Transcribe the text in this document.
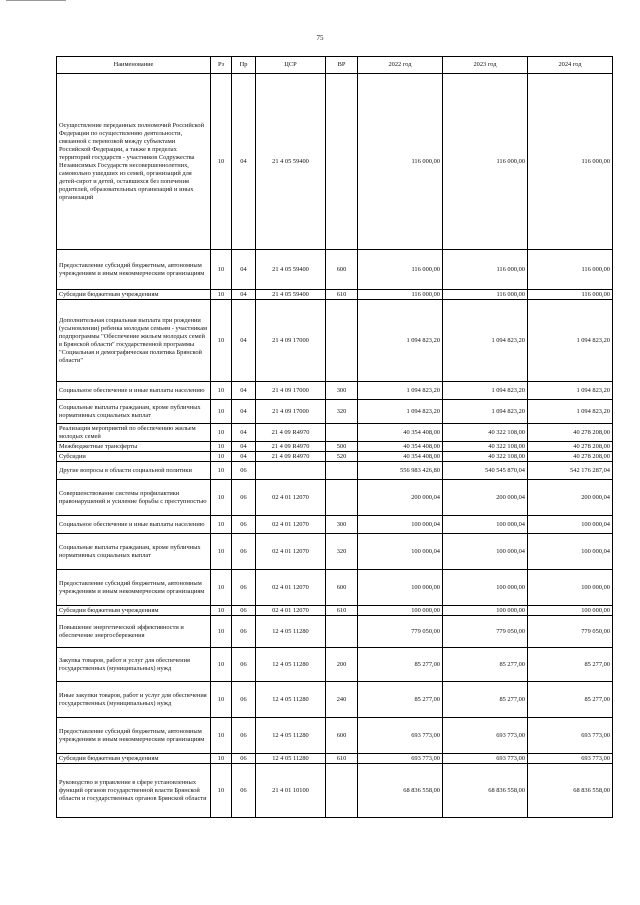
75
Наименование	Рз	Пр	ЦСР	ВР	2022 год	2023 год	2024 год
Осуществление переданных полномочий Российской Федерации по осуществлению деятельности, связанной с перевозкой между субъектами Российской Федерации, а также в пределах территорий государств - участников Содружества Независимых Государств несовершеннолетних, самовольно ушедших из семей, организаций для детей-сирот и детей, оставшихся без попечения родителей, образовательных организаций и иных организаций	10	04	21 4 05 59400		116 000,00	116 000,00	116 000,00
Предоставление субсидий бюджетным, автономным учреждениям и иным некоммерческим организациям	10	04	21 4 05 59400	600	116 000,00	116 000,00	116 000,00
Субсидии бюджетным учреждениям	10	04	21 4 05 59400	610	116 000,00	116 000,00	116 000,00
Дополнительная социальная выплата при рождении (усыновлении) ребенка молодым семьям - участникам подпрограммы "Обеспечение жильем молодых семей в Брянской области" государственной программы "Социальная и демографическая политика Брянской области"	10	04	21 4 09 17000		1 094 823,20	1 094 823,20	1 094 823,20
Социальное обеспечение и иные выплаты населению	10	04	21 4 09 17000	300	1 094 823,20	1 094 823,20	1 094 823,20
Социальные выплаты гражданам, кроме публичных нормативных социальных выплат	10	04	21 4 09 17000	320	1 094 823,20	1 094 823,20	1 094 823,20
Реализация мероприятий по обеспечению жильем молодых семей	10	04	21 4 09 R4970		40 354 408,00	40 322 108,00	40 278 208,00
Межбюджетные трансферты	10	04	21 4 09 R4970	500	40 354 408,00	40 322 108,00	40 278 208,00
Субсидии	10	04	21 4 09 R4970	520	40 354 408,00	40 322 108,00	40 278 208,00
Другие вопросы в области социальной политики	10	06			556 983 426,80	540 545 870,04	542 176 287,04
Совершенствование системы профилактики правонарушений и усиление борьбы с преступностью	10	06	02 4 01 12070		200 000,04	200 000,04	200 000,04
Социальное обеспечение и иные выплаты населению	10	06	02 4 01 12070	300	100 000,04	100 000,04	100 000,04
Социальные выплаты гражданам, кроме публичных нормативных социальных выплат	10	06	02 4 01 12070	320	100 000,04	100 000,04	100 000,04
Предоставление субсидий бюджетным, автономным учреждениям и иным некоммерческим организациям	10	06	02 4 01 12070	600	100 000,00	100 000,00	100 000,00
Субсидии бюджетным учреждениям	10	06	02 4 01 12070	610	100 000,00	100 000,00	100 000,00
Повышение энергетической эффективности и обеспечение энергосбережения	10	06	12 4 05 11280		779 050,00	779 050,00	779 050,00
Закупка товаров, работ и услуг для обеспечения государственных (муниципальных) нужд	10	06	12 4 05 11280	200	85 277,00	85 277,00	85 277,00
Иные закупки товаров, работ и услуг для обеспечения государственных (муниципальных) нужд	10	06	12 4 05 11280	240	85 277,00	85 277,00	85 277,00
Предоставление субсидий бюджетным, автономным учреждениям и иным некоммерческим организациям	10	06	12 4 05 11280	600	693 773,00	693 773,00	693 773,00
Субсидии бюджетным учреждениям	10	06	12 4 05 11280	610	693 773,00	693 773,00	693 773,00
Руководство и управление в сфере установленных функций органов государственной власти Брянской области и государственных органов Брянской области	10	06	21 4 01 10100		68 836 558,00	68 836 558,00	68 836 558,00
